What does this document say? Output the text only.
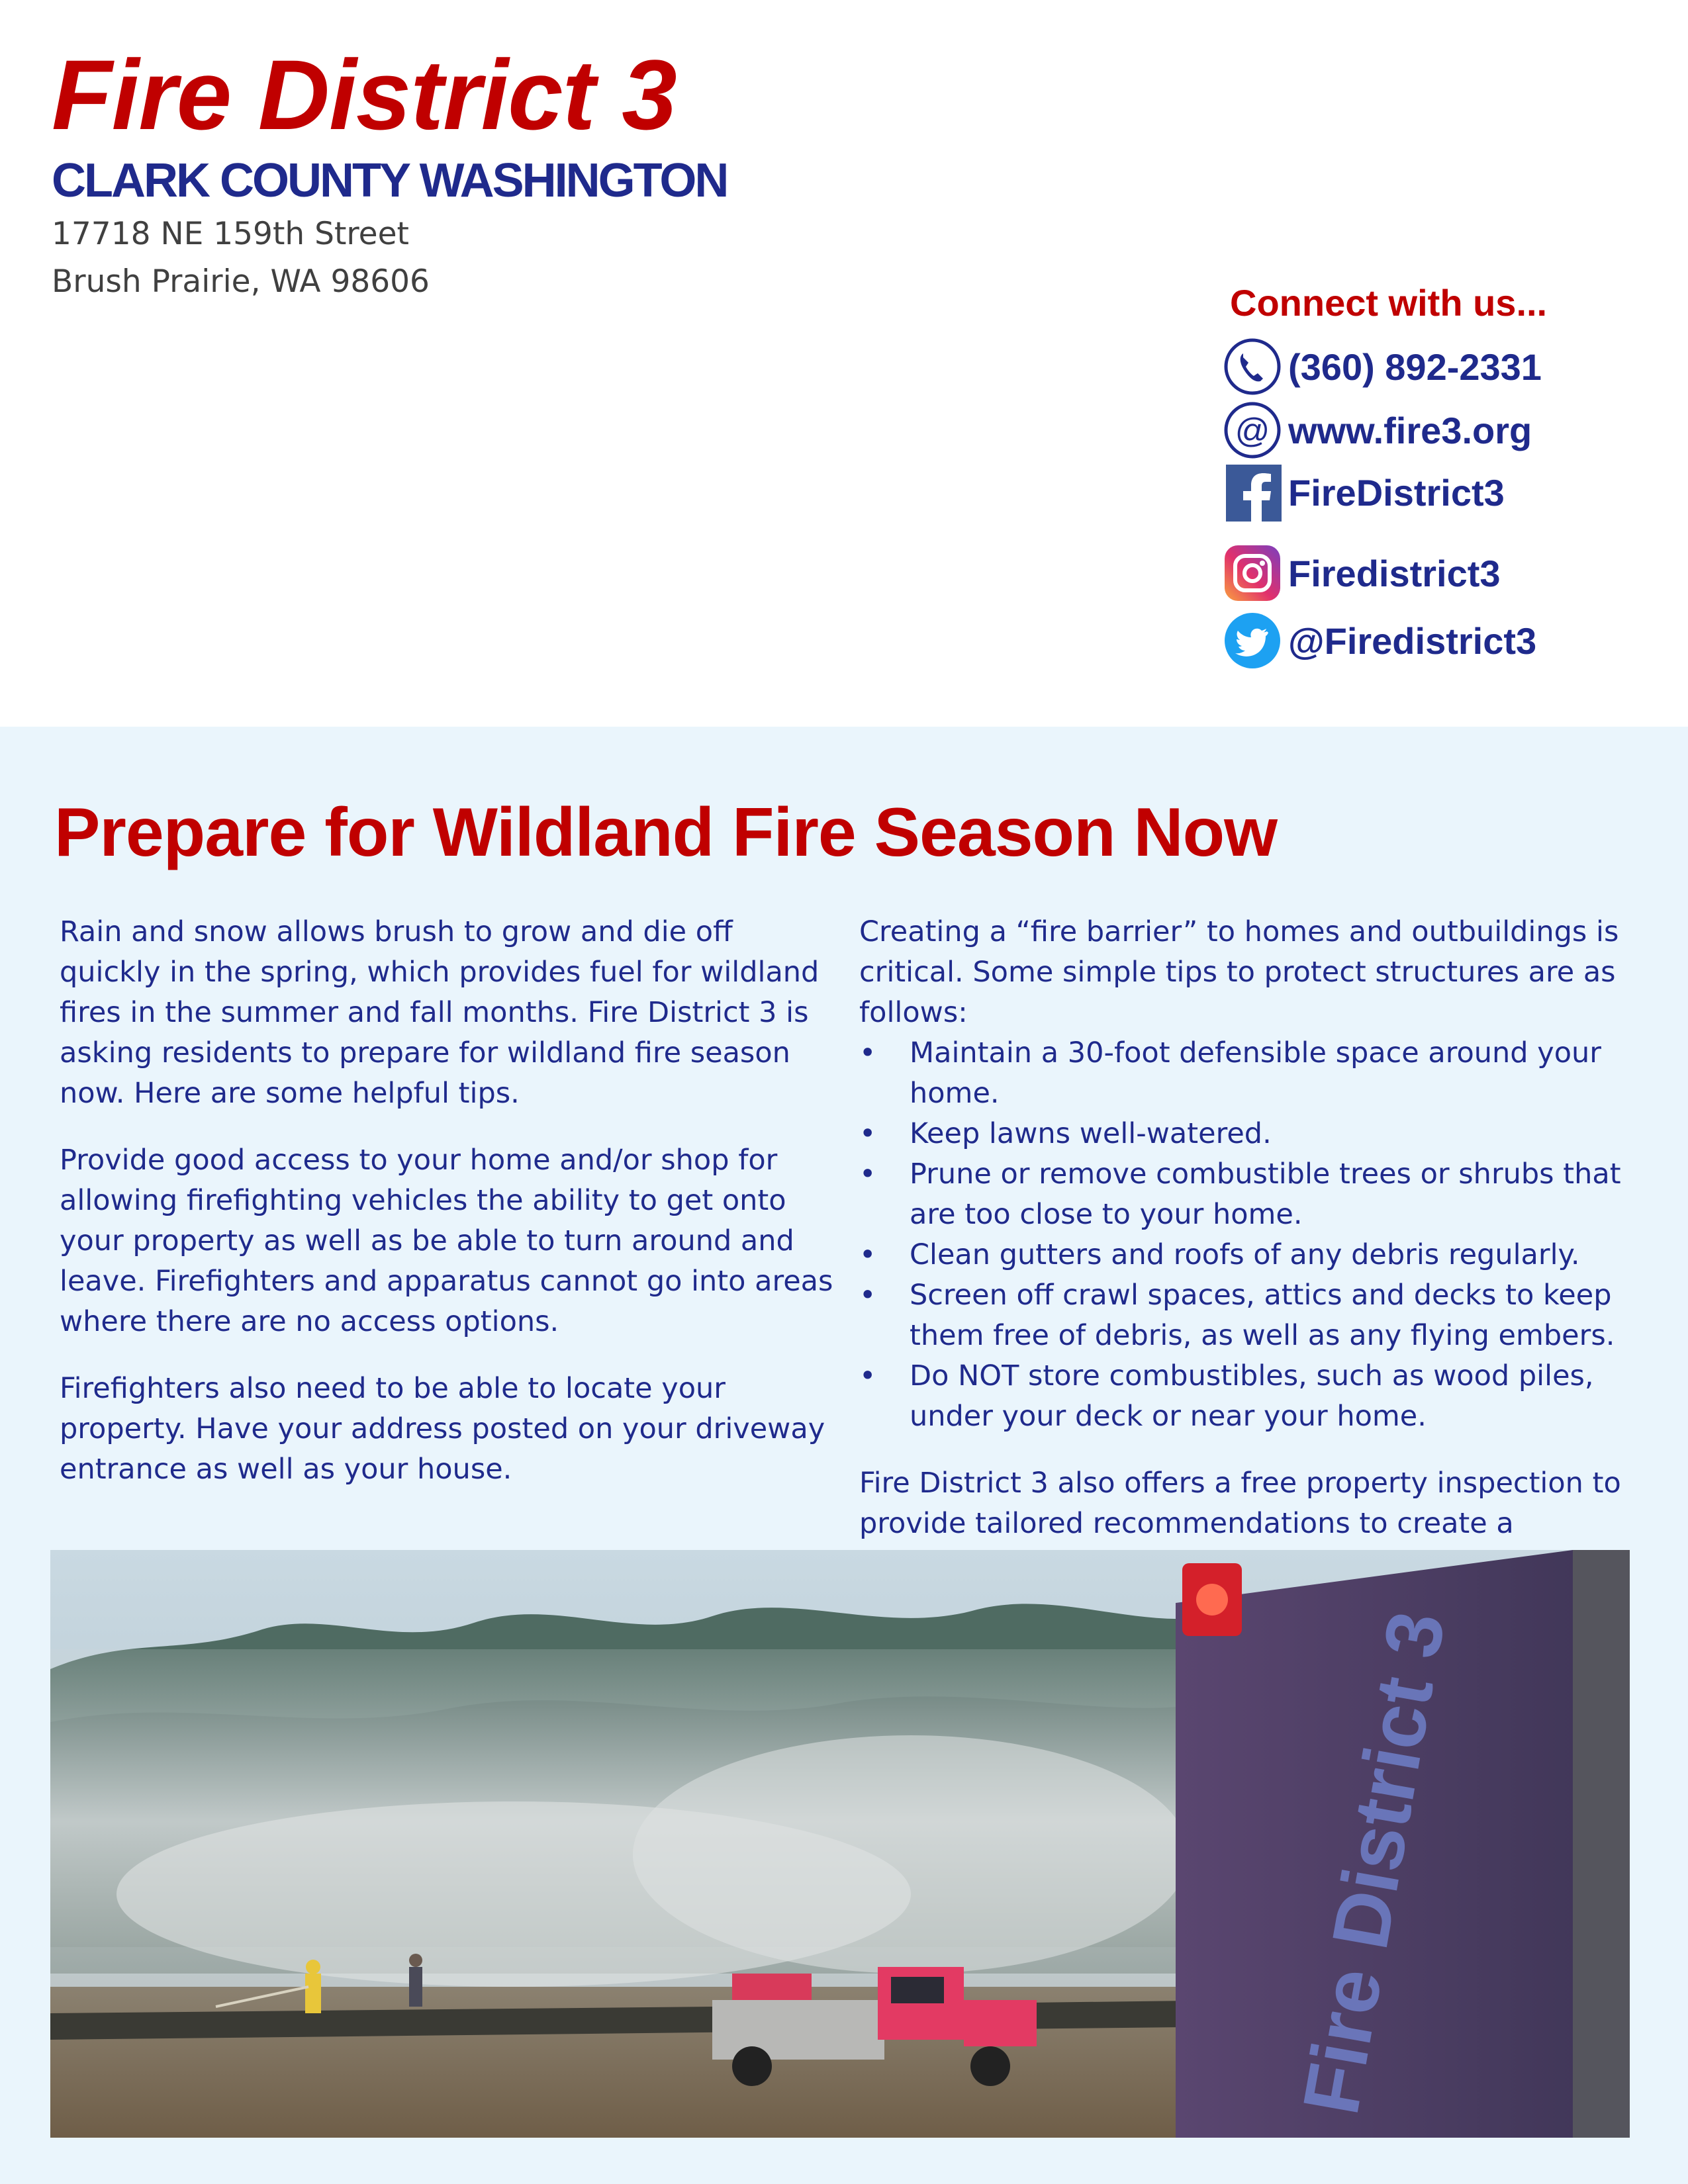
Fire District 3
CLARK COUNTY WASHINGTON
17718 NE 159th Street
Brush Prairie, WA 98606
Connect with us...
(360) 892-2331
@ www.fire3.org
FireDistrict3
Firedistrict3
@Firedistrict3
Prepare for Wildland Fire Season Now

Rain and snow allows brush to grow and die off quickly in the spring, which provides fuel for wildland fires in the summer and fall months. Fire District 3 is asking residents to prepare for wildland fire season now. Here are some helpful tips.

Provide good access to your home and/or shop for allowing firefighting vehicles the ability to get onto your property as well as be able to turn around and leave. Firefighters and apparatus cannot go into areas where there are no access options.

Firefighters also need to be able to locate your property. Have your address posted on your driveway entrance as well as your house.

Creating a “fire barrier” to homes and outbuildings is critical. Some simple tips to protect structures are as follows:

• Maintain a 30-foot defensible space around your home.
• Keep lawns well-watered.
• Prune or remove combustible trees or shrubs that are too close to your home.
• Clean gutters and roofs of any debris regularly.
• Screen off crawl spaces, attics and decks to keep them free of debris, as well as any flying embers.
• Do NOT store combustibles, such as wood piles, under your deck or near your home.

Fire District 3 also offers a free property inspection to provide tailored recommendations to create a

Fire District 3
